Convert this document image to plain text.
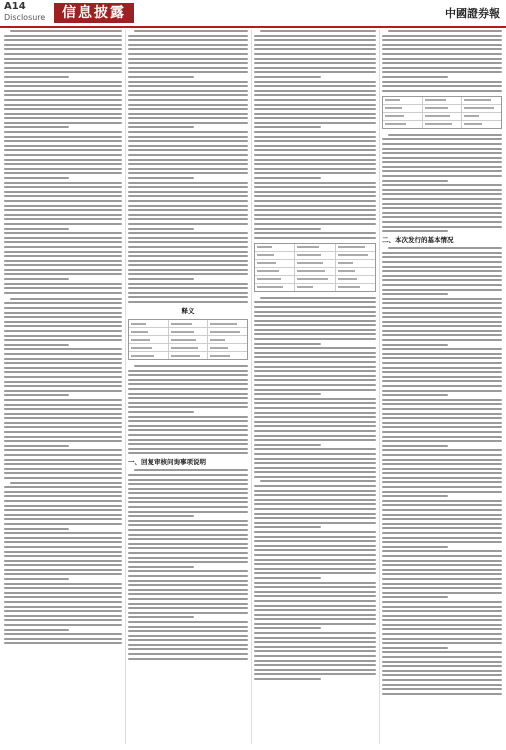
A14
Disclosure	信息披露	中國證券報
释义
一、回复审核问询事项说明
二、本次发行的基本情况
